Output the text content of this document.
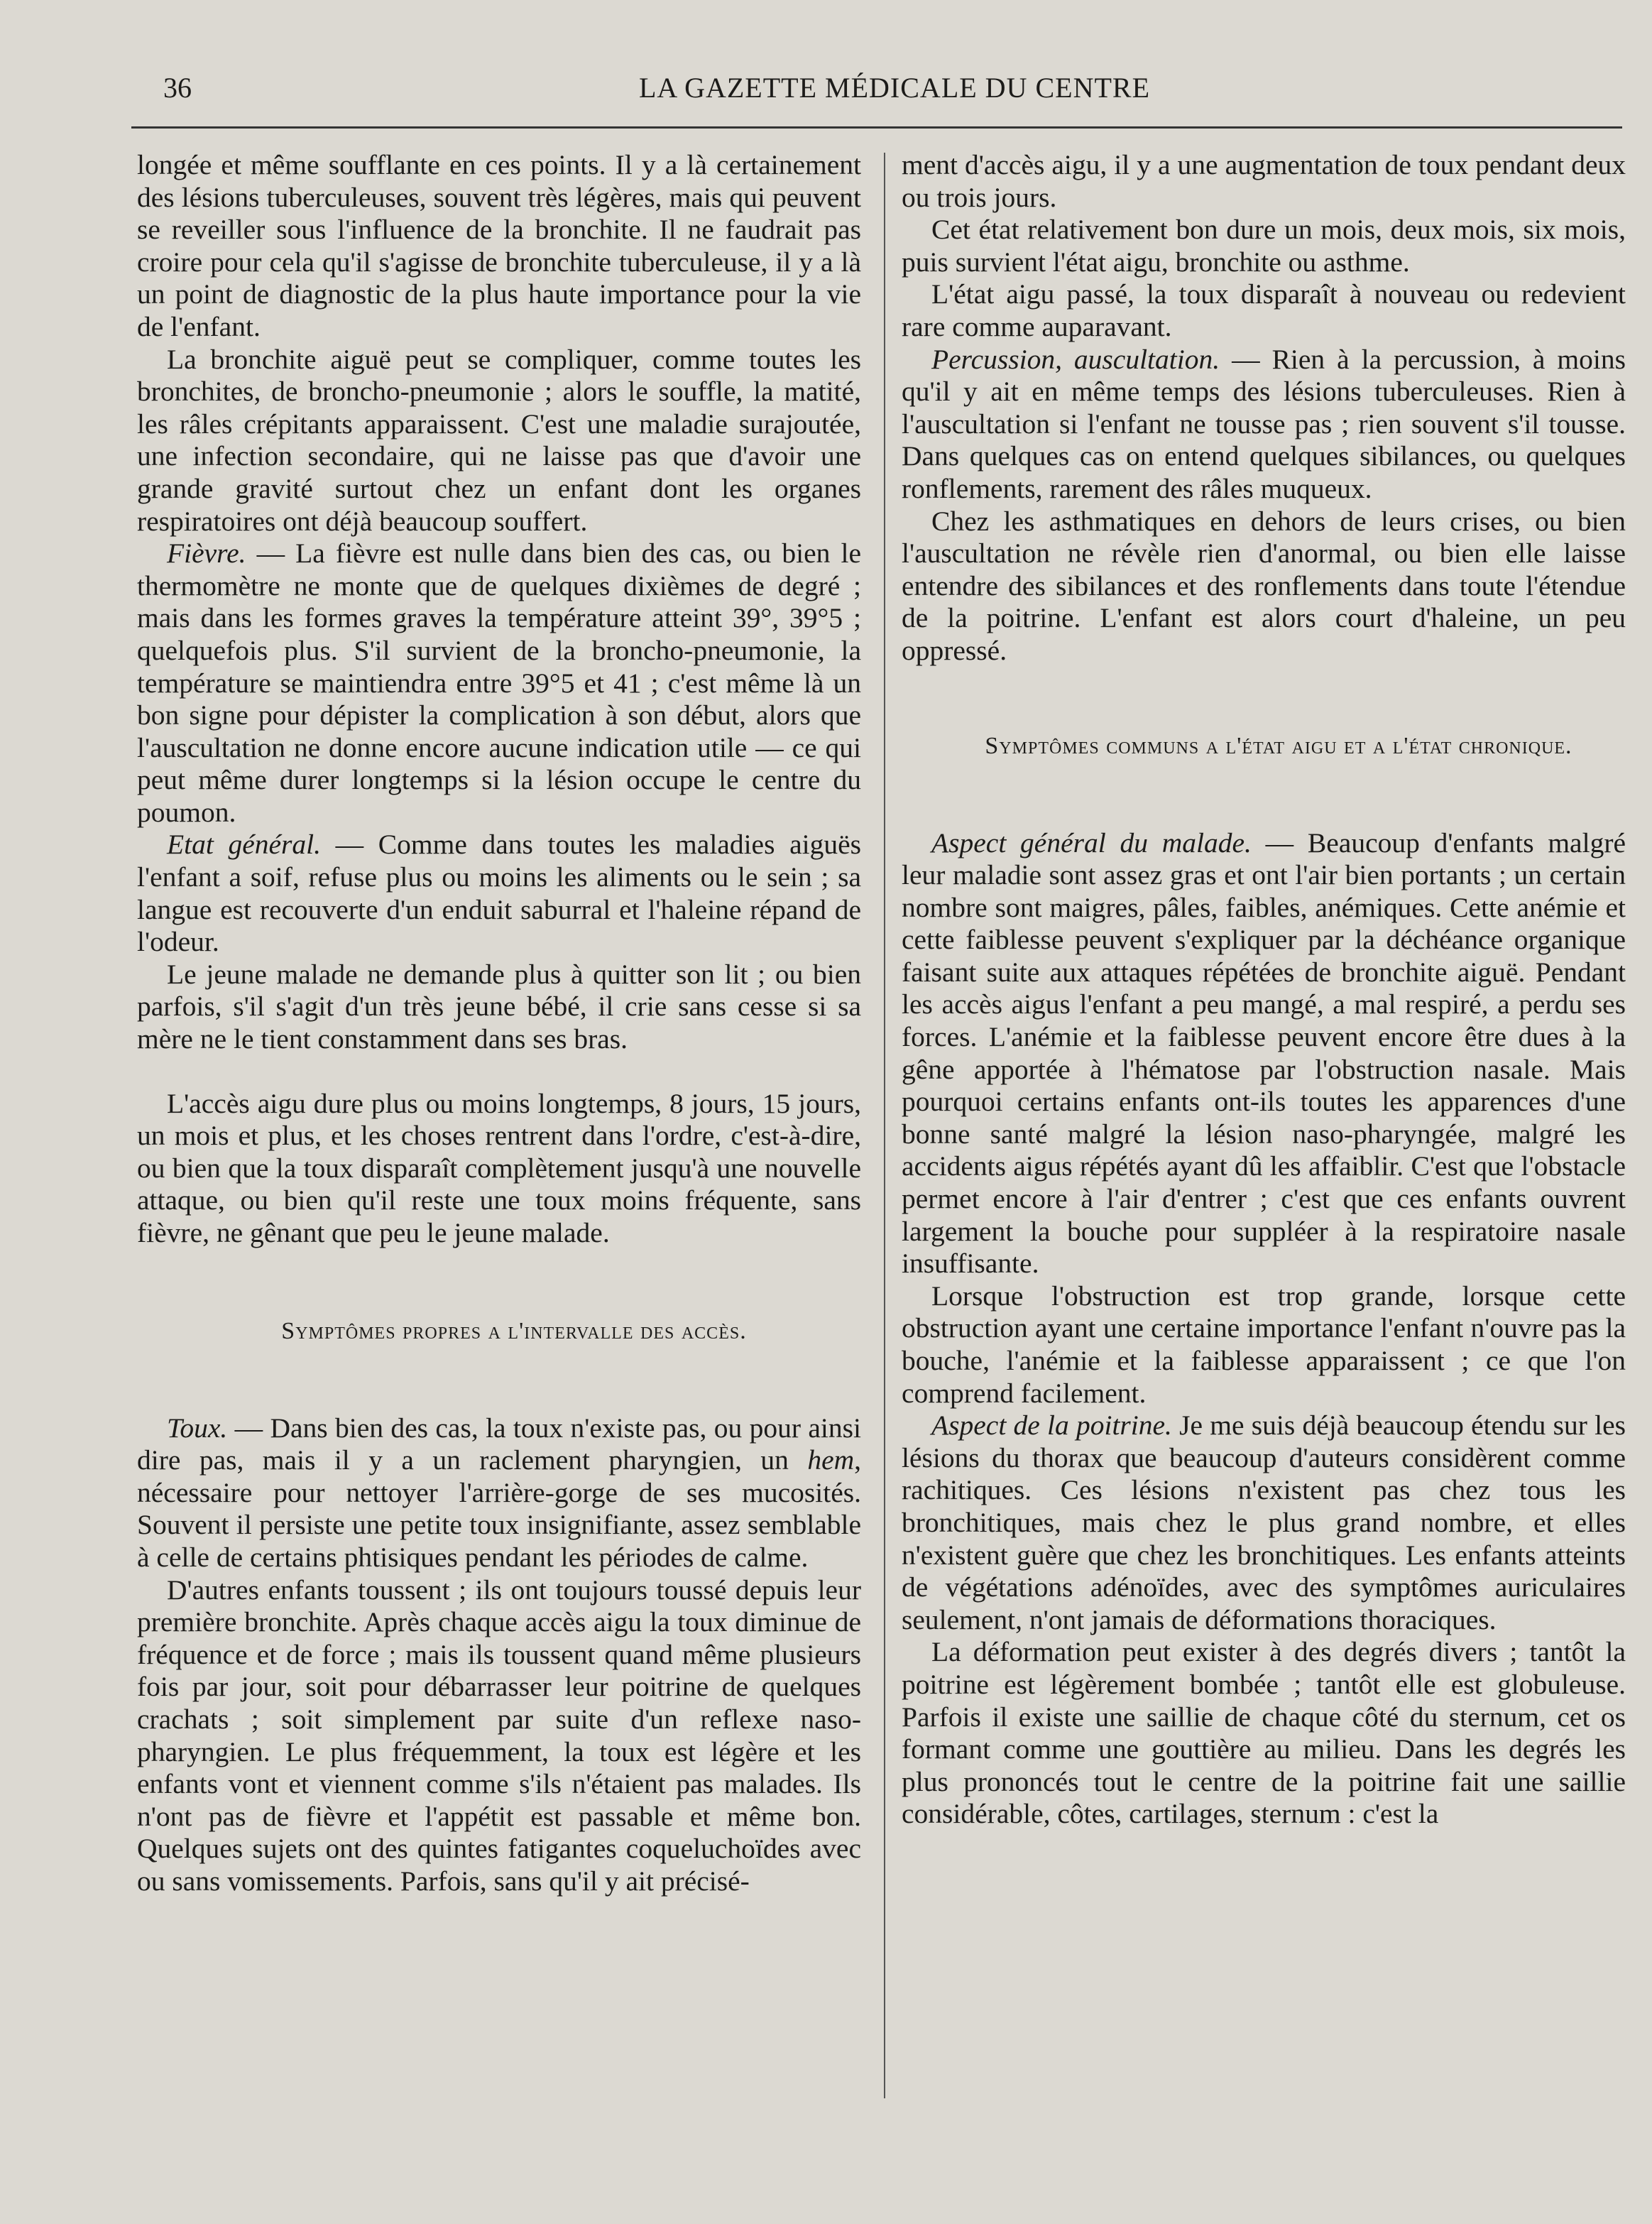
36	LA GAZETTE MÉDICALE DU CENTRE

longée et même soufflante en ces points. Il y a là certainement des lésions tuberculeuses, souvent très légères, mais qui peuvent se reveiller sous l'influence de la bronchite. Il ne faudrait pas croire pour cela qu'il s'agisse de bronchite tuberculeuse, il y a là un point de diagnostic de la plus haute importance pour la vie de l'enfant.

La bronchite aiguë peut se compliquer, comme toutes les bronchites, de broncho-pneumonie ; alors le souffle, la matité, les râles crépitants apparaissent. C'est une maladie surajoutée, une infection secondaire, qui ne laisse pas que d'avoir une grande gravité surtout chez un enfant dont les organes respiratoires ont déjà beaucoup souffert.

Fièvre. — La fièvre est nulle dans bien des cas, ou bien le thermomètre ne monte que de quelques dixièmes de degré ; mais dans les formes graves la température atteint 39°, 39°5 ; quelquefois plus. S'il survient de la broncho-pneumonie, la température se maintiendra entre 39°5 et 41 ; c'est même là un bon signe pour dépister la complication à son début, alors que l'auscultation ne donne encore aucune indication utile — ce qui peut même durer longtemps si la lésion occupe le centre du poumon.

Etat général. — Comme dans toutes les maladies aiguës l'enfant a soif, refuse plus ou moins les aliments ou le sein ; sa langue est recouverte d'un enduit saburral et l'haleine répand de l'odeur.

Le jeune malade ne demande plus à quitter son lit ; ou bien parfois, s'il s'agit d'un très jeune bébé, il crie sans cesse si sa mère ne le tient constamment dans ses bras.

L'accès aigu dure plus ou moins longtemps, 8 jours, 15 jours, un mois et plus, et les choses rentrent dans l'ordre, c'est-à-dire, ou bien que la toux disparaît complètement jusqu'à une nouvelle attaque, ou bien qu'il reste une toux moins fréquente, sans fièvre, ne gênant que peu le jeune malade.

Symptômes propres a l'intervalle des accès.

Toux. — Dans bien des cas, la toux n'existe pas, ou pour ainsi dire pas, mais il y a un raclement pharyngien, un hem, nécessaire pour nettoyer l'arrière-gorge de ses mucosités. Souvent il persiste une petite toux insignifiante, assez semblable à celle de certains phtisiques pendant les périodes de calme.

D'autres enfants toussent ; ils ont toujours toussé depuis leur première bronchite. Après chaque accès aigu la toux diminue de fréquence et de force ; mais ils toussent quand même plusieurs fois par jour, soit pour débarrasser leur poitrine de quelques crachats ; soit simplement par suite d'un reflexe naso-pharyngien. Le plus fréquemment, la toux est légère et les enfants vont et viennent comme s'ils n'étaient pas malades. Ils n'ont pas de fièvre et l'appétit est passable et même bon. Quelques sujets ont des quintes fatigantes coqueluchoïdes avec ou sans vomissements. Parfois, sans qu'il y ait précisé-

ment d'accès aigu, il y a une augmentation de toux pendant deux ou trois jours.

Cet état relativement bon dure un mois, deux mois, six mois, puis survient l'état aigu, bronchite ou asthme.

L'état aigu passé, la toux disparaît à nouveau ou redevient rare comme auparavant.

Percussion, auscultation. — Rien à la percussion, à moins qu'il y ait en même temps des lésions tuberculeuses. Rien à l'auscultation si l'enfant ne tousse pas ; rien souvent s'il tousse. Dans quelques cas on entend quelques sibilances, ou quelques ronflements, rarement des râles muqueux.

Chez les asthmatiques en dehors de leurs crises, ou bien l'auscultation ne révèle rien d'anormal, ou bien elle laisse entendre des sibilances et des ronflements dans toute l'étendue de la poitrine. L'enfant est alors court d'haleine, un peu oppressé.

Symptômes communs a l'état aigu et a l'état chronique.

Aspect général du malade. — Beaucoup d'enfants malgré leur maladie sont assez gras et ont l'air bien portants ; un certain nombre sont maigres, pâles, faibles, anémiques. Cette anémie et cette faiblesse peuvent s'expliquer par la déchéance organique faisant suite aux attaques répétées de bronchite aiguë. Pendant les accès aigus l'enfant a peu mangé, a mal respiré, a perdu ses forces. L'anémie et la faiblesse peuvent encore être dues à la gêne apportée à l'hématose par l'obstruction nasale. Mais pourquoi certains enfants ont-ils toutes les apparences d'une bonne santé malgré la lésion naso-pharyngée, malgré les accidents aigus répétés ayant dû les affaiblir. C'est que l'obstacle permet encore à l'air d'entrer ; c'est que ces enfants ouvrent largement la bouche pour suppléer à la respiratoire nasale insuffisante.

Lorsque l'obstruction est trop grande, lorsque cette obstruction ayant une certaine importance l'enfant n'ouvre pas la bouche, l'anémie et la faiblesse apparaissent ; ce que l'on comprend facilement.

Aspect de la poitrine. Je me suis déjà beaucoup étendu sur les lésions du thorax que beaucoup d'auteurs considèrent comme rachitiques. Ces lésions n'existent pas chez tous les bronchitiques, mais chez le plus grand nombre, et elles n'existent guère que chez les bronchitiques. Les enfants atteints de végétations adénoïdes, avec des symptômes auriculaires seulement, n'ont jamais de déformations thoraciques.

La déformation peut exister à des degrés divers ; tantôt la poitrine est légèrement bombée ; tantôt elle est globuleuse. Parfois il existe une saillie de chaque côté du sternum, cet os formant comme une gouttière au milieu. Dans les degrés les plus prononcés tout le centre de la poitrine fait une saillie considérable, côtes, cartilages, sternum : c'est la
